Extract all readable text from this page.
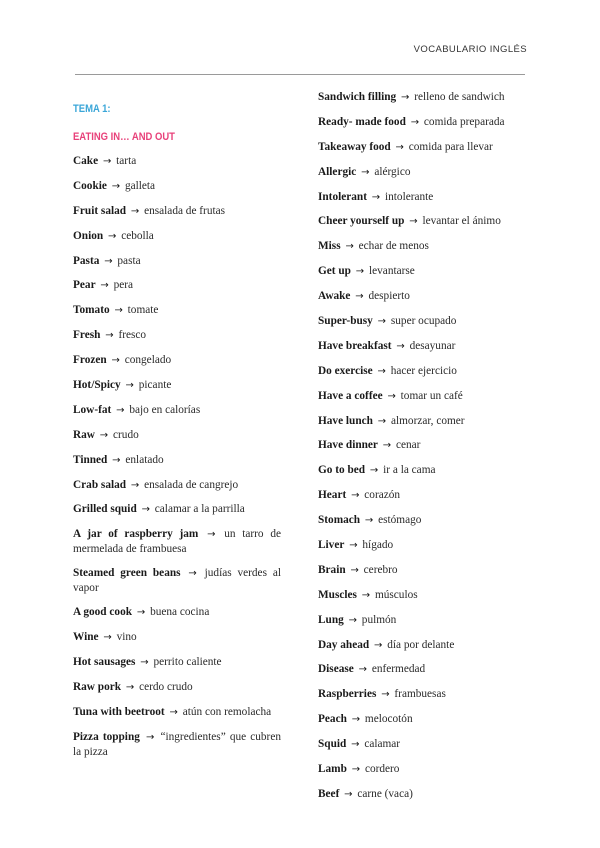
VOCABULARIO INGLÉS
TEMA 1:
EATING IN… AND OUT
Cake → tarta
Cookie → galleta
Fruit salad → ensalada de frutas
Onion → cebolla
Pasta → pasta
Pear → pera
Tomato → tomate
Fresh → fresco
Frozen → congelado
Hot/Spicy → picante
Low-fat → bajo en calorías
Raw → crudo
Tinned → enlatado
Crab salad → ensalada de cangrejo
Grilled squid → calamar a la parrilla
A jar of raspberry jam → un tarro de mermelada de frambuesa
Steamed green beans → judías verdes al vapor
A good cook → buena cocina
Wine → vino
Hot sausages → perrito caliente
Raw pork → cerdo crudo
Tuna with beetroot → atún con remolacha
Pizza topping → “ingredientes” que cubren la pizza
Sandwich filling → relleno de sandwich
Ready- made food → comida preparada
Takeaway food → comida para llevar
Allergic → alérgico
Intolerant → intolerante
Cheer yourself up → levantar el ánimo
Miss → echar de menos
Get up → levantarse
Awake → despierto
Super-busy → super ocupado
Have breakfast → desayunar
Do exercise → hacer ejercicio
Have a coffee → tomar un café
Have lunch → almorzar, comer
Have dinner → cenar
Go to bed → ir a la cama
Heart → corazón
Stomach → estómago
Liver → hígado
Brain → cerebro
Muscles → músculos
Lung → pulmón
Day ahead → día por delante
Disease → enfermedad
Raspberries → frambuesas
Peach → melocotón
Squid → calamar
Lamb → cordero
Beef → carne (vaca)
